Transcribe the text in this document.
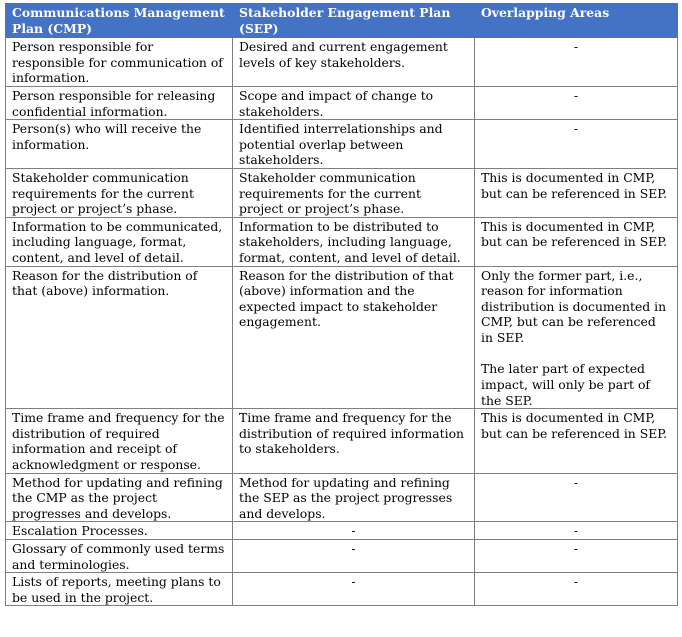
Communications Management Plan (CMP)	Stakeholder Engagement Plan (SEP)	Overlapping Areas
Person responsible for responsible for communication of information.	Desired and current engagement levels of key stakeholders.	-
Person responsible for releasing confidential information.	Scope and impact of change to stakeholders.	-
Person(s) who will receive the information.	Identified interrelationships and potential overlap between stakeholders.	-
Stakeholder communication requirements for the current project or project’s phase.	Stakeholder communication requirements for the current project or project’s phase.	This is documented in CMP, but can be referenced in SEP.
Information to be communicated, including language, format, content, and level of detail.	Information to be distributed to stakeholders, including language, format, content, and level of detail.	This is documented in CMP, but can be referenced in SEP.
Reason for the distribution of that (above) information.	Reason for the distribution of that (above) information and the expected impact to stakeholder engagement.	Only the former part, i.e., reason for information distribution is documented in CMP, but can be referenced in SEP.
The later part of expected impact, will only be part of the SEP.

Time frame and frequency for the distribution of required information and receipt of acknowledgment or response.	Time frame and frequency for the distribution of required information to stakeholders.	This is documented in CMP, but can be referenced in SEP.
Method for updating and refining the CMP as the project progresses and develops.	Method for updating and refining the SEP as the project progresses and develops.	-
Escalation Processes.	-	-
Glossary of commonly used terms and terminologies.	-	-
Lists of reports, meeting plans to be used in the project.	-	-
